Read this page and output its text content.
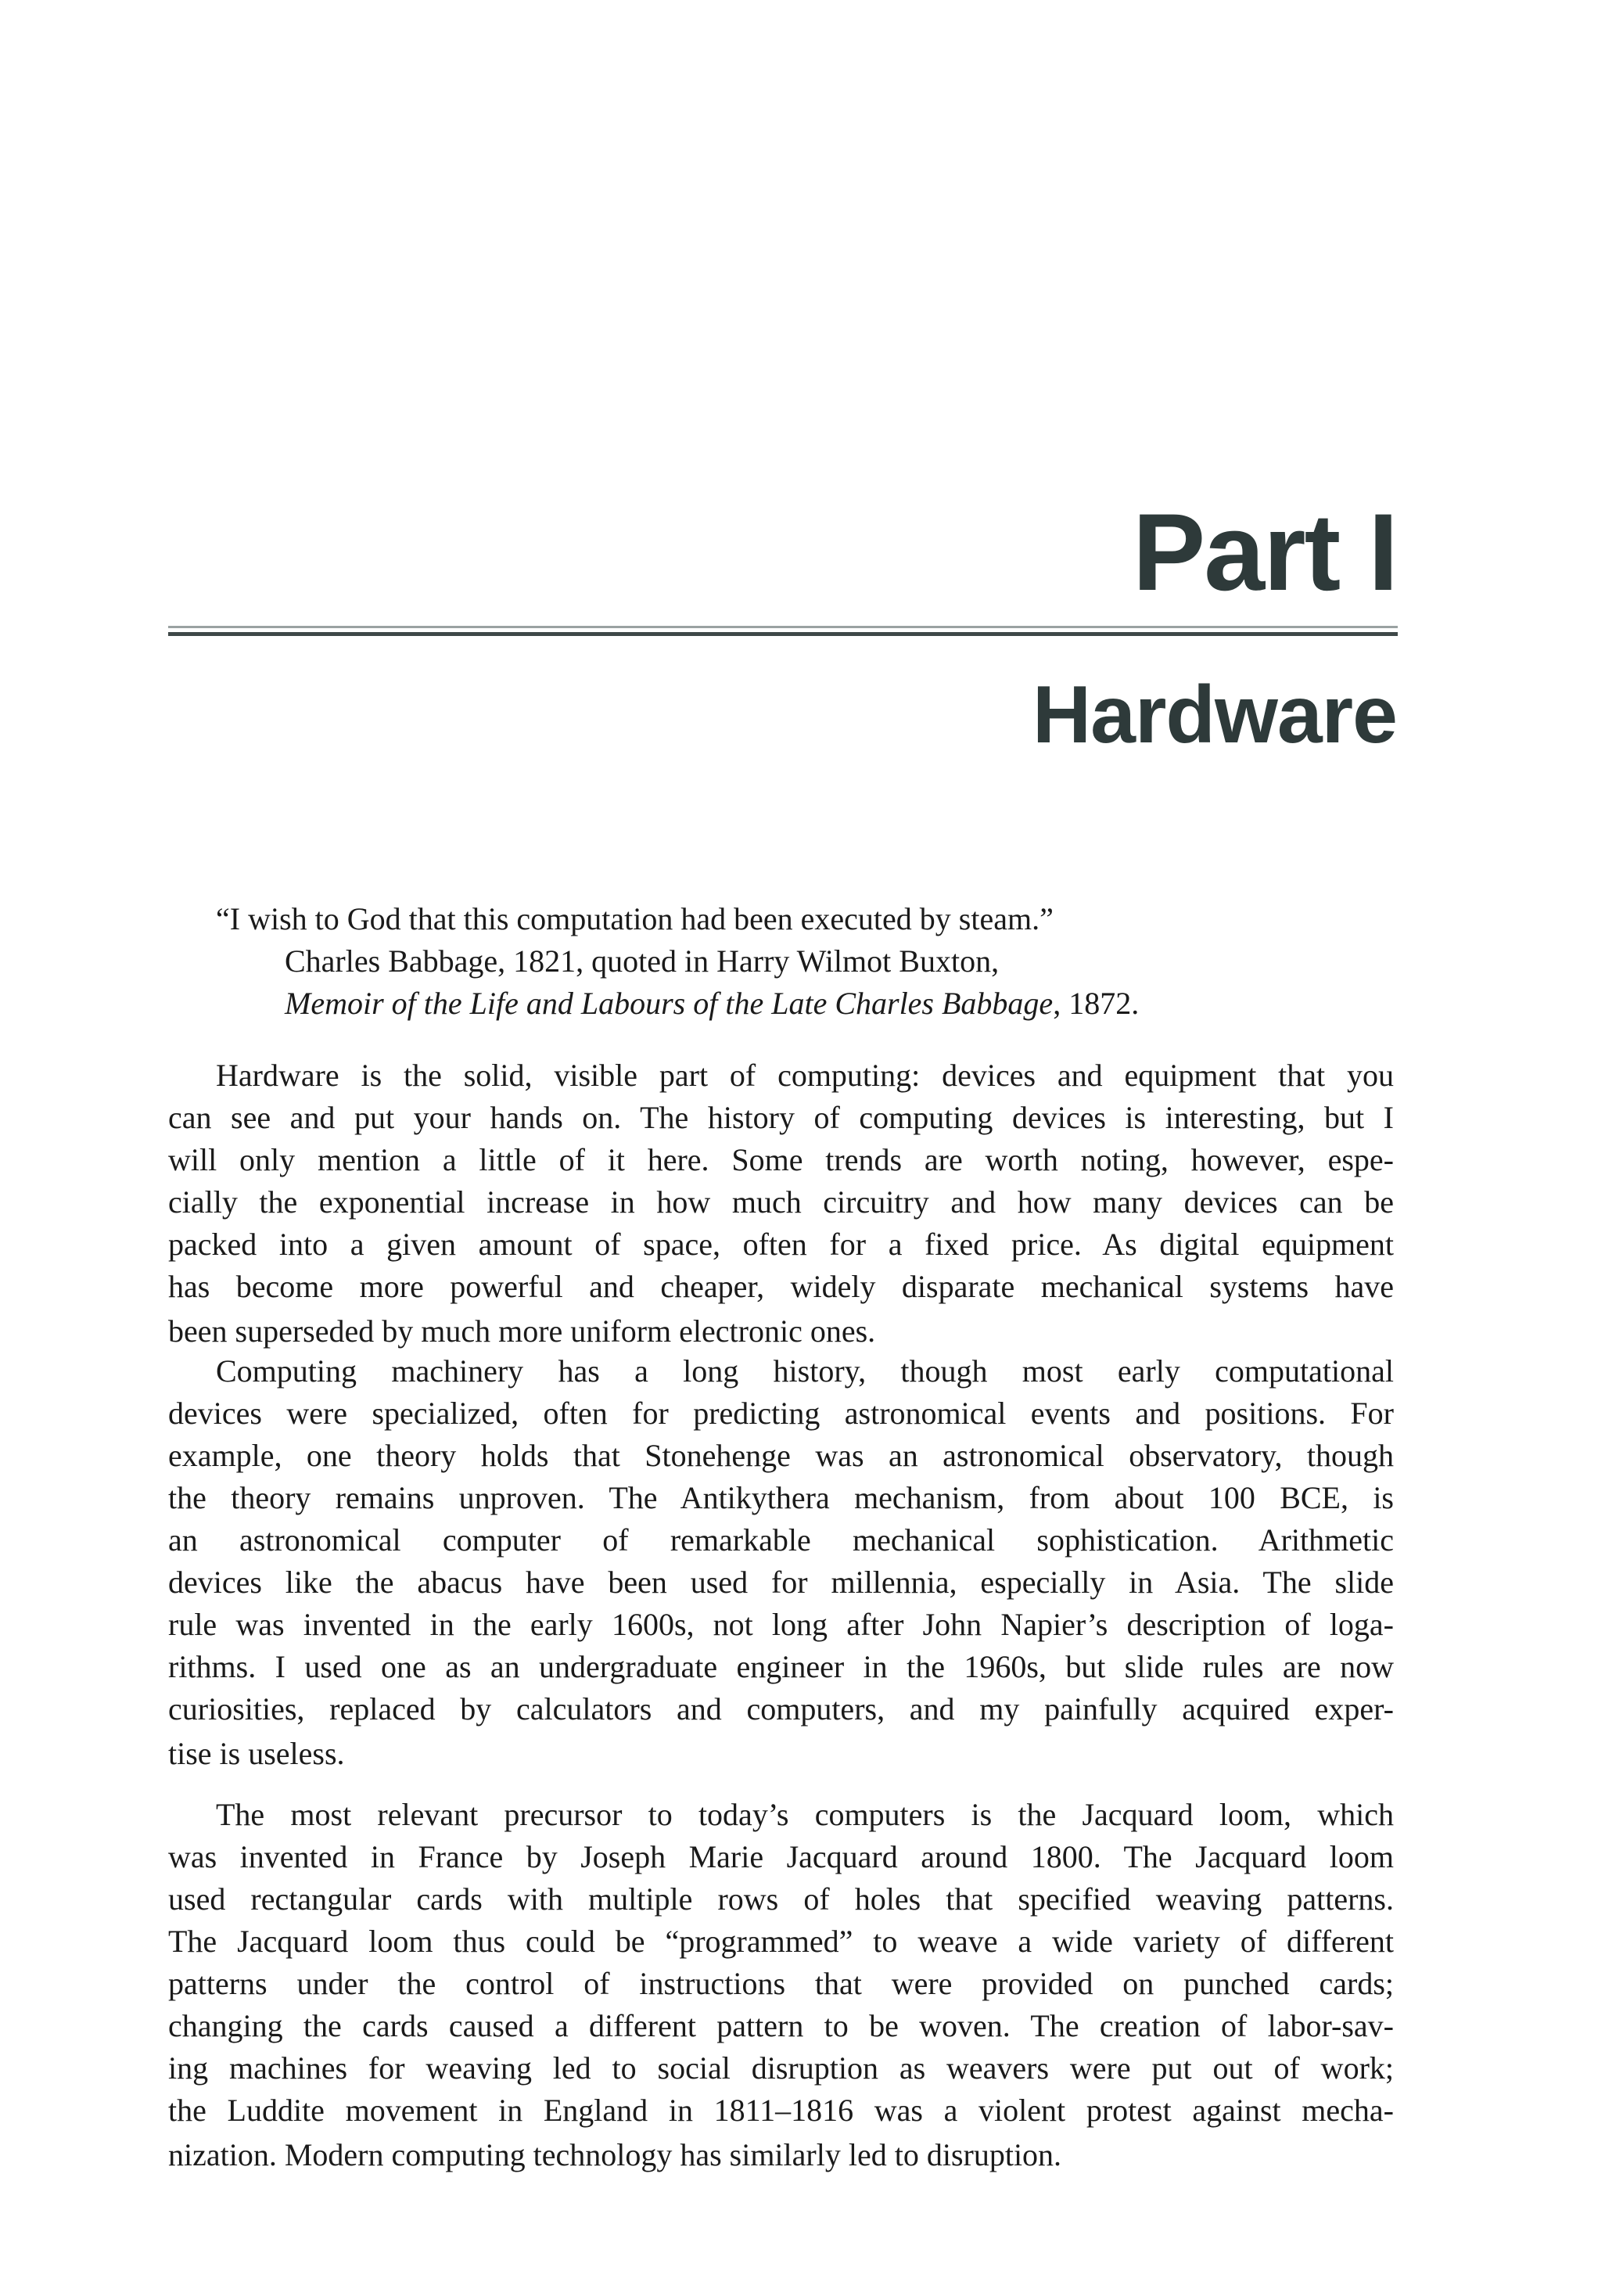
Part I
Hardware
“I wish to God that this computation had been executed by steam.”
Charles Babbage, 1821, quoted in Harry Wilmot Buxton,
Memoir of the Life and Labours of the Late Charles Babbage, 1872.
Hardware is the solid, visible part of computing: devices and equipment that you
can see and put your hands on. The history of computing devices is interesting, but I
will only mention a little of it here. Some trends are worth noting, however, espe-
cially the exponential increase in how much circuitry and how many devices can be
packed into a given amount of space, often for a fixed price. As digital equipment
has become more powerful and cheaper, widely disparate mechanical systems have
been superseded by much more uniform electronic ones.
Computing machinery has a long history, though most early computational
devices were specialized, often for predicting astronomical events and positions. For
example, one theory holds that Stonehenge was an astronomical observatory, though
the theory remains unproven. The Antikythera mechanism, from about 100 BCE, is
an astronomical computer of remarkable mechanical sophistication. Arithmetic
devices like the abacus have been used for millennia, especially in Asia. The slide
rule was invented in the early 1600s, not long after John Napier’s description of loga-
rithms. I used one as an undergraduate engineer in the 1960s, but slide rules are now
curiosities, replaced by calculators and computers, and my painfully acquired exper-
tise is useless.
The most relevant precursor to today’s computers is the Jacquard loom, which
was invented in France by Joseph Marie Jacquard around 1800. The Jacquard loom
used rectangular cards with multiple rows of holes that specified weaving patterns.
The Jacquard loom thus could be “programmed” to weave a wide variety of different
patterns under the control of instructions that were provided on punched cards;
changing the cards caused a different pattern to be woven. The creation of labor-sav-
ing machines for weaving led to social disruption as weavers were put out of work;
the Luddite movement in England in 1811–1816 was a violent protest against mecha-
nization. Modern computing technology has similarly led to disruption.
